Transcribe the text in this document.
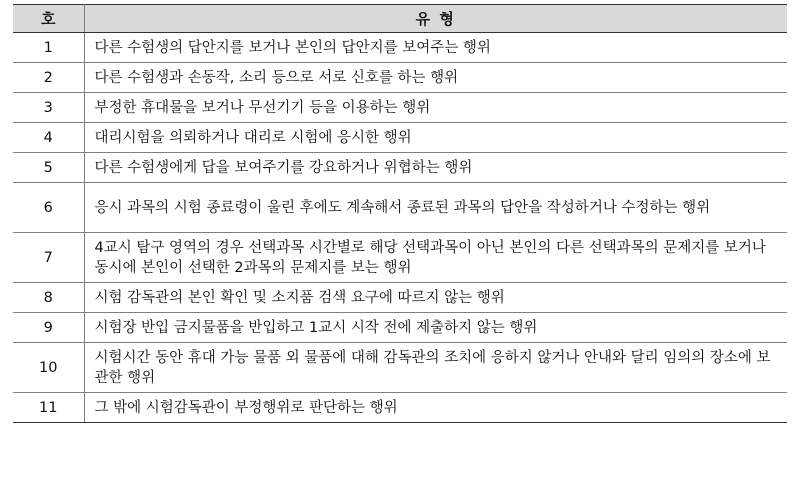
호	유 형
1	다른 수험생의 답안지를 보거나 본인의 답안지를 보여주는 행위
2	다른 수험생과 손동작, 소리 등으로 서로 신호를 하는 행위
3	부정한 휴대물을 보거나 무선기기 등을 이용하는 행위
4	대리시험을 의뢰하거나 대리로 시험에 응시한 행위
5	다른 수험생에게 답을 보여주기를 강요하거나 위협하는 행위
6	응시 과목의 시험 종료령이 울린 후에도 계속해서 종료된 과목의 답안을 작성하거나 수정하는 행위
7	4교시 탐구 영역의 경우 선택과목 시간별로 해당 선택과목이 아닌 본인의 다른 선택과목의 문제지를 보거나 동시에 본인이 선택한 2과목의 문제지를 보는 행위
8	시험 감독관의 본인 확인 및 소지품 검색 요구에 따르지 않는 행위
9	시험장 반입 금지물품을 반입하고 1교시 시작 전에 제출하지 않는 행위
10	시험시간 동안 휴대 가능 물품 외 물품에 대해 감독관의 조치에 응하지 않거나 안내와 달리 임의의 장소에 보관한 행위
11	그 밖에 시험감독관이 부정행위로 판단하는 행위
